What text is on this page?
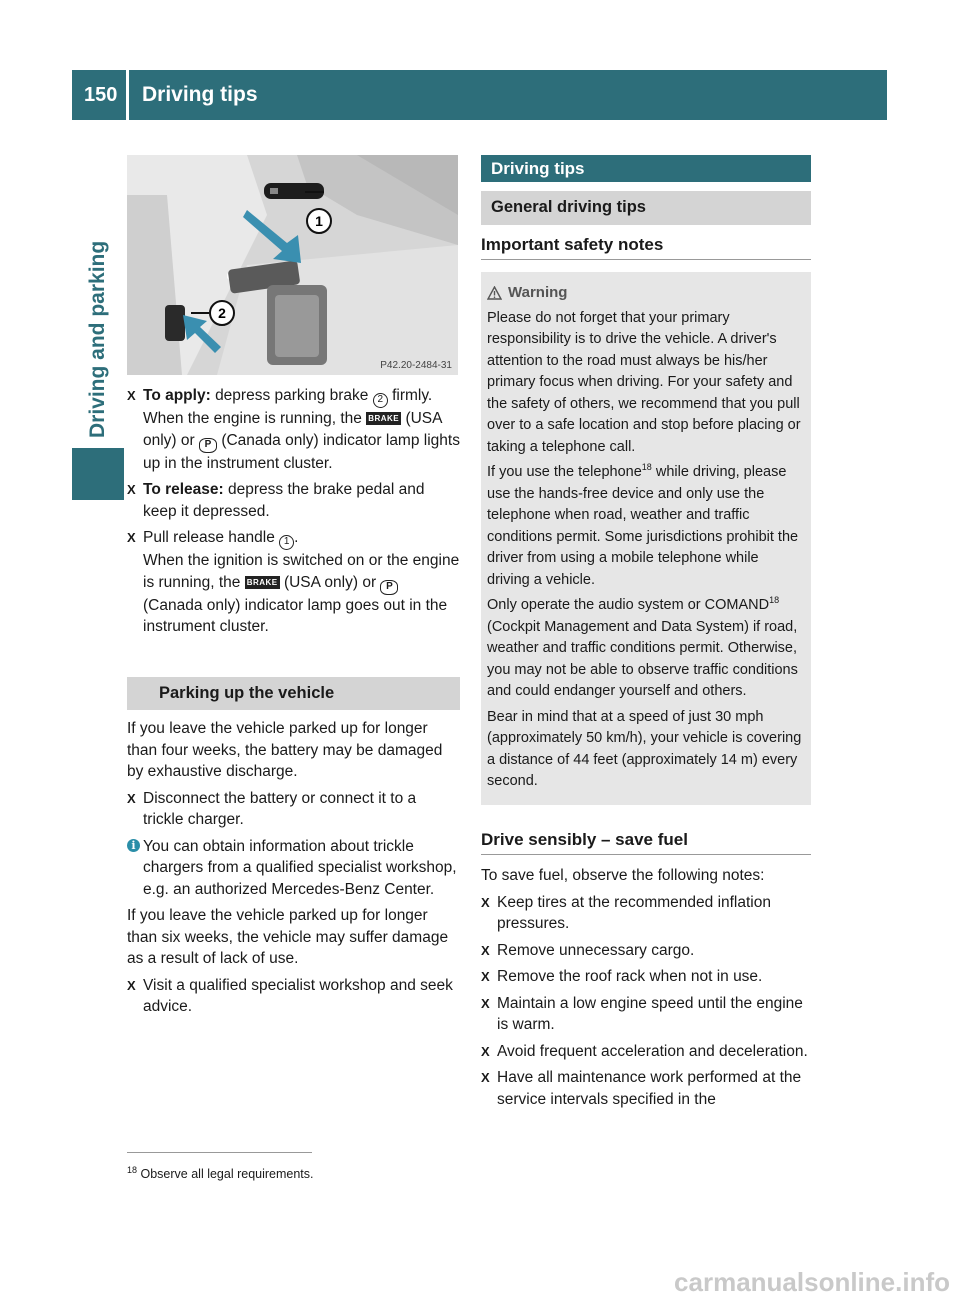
150	Driving tips
Driving and parking
1
2
P42.20-2484-31
X To apply: depress parking brake 2 firmly. When the engine is running, the BRAKE (USA only) or P (Canada only) indicator lamp lights up in the instrument cluster.
X To release: depress the brake pedal and keep it depressed.
X Pull release handle 1 .
When the ignition is switched on or the engine is running, the BRAKE (USA only) or P (Canada only) indicator lamp goes out in the instrument cluster.
Parking up the vehicle
If you leave the vehicle parked up for longer than four weeks, the battery may be damaged by exhaustive discharge.
X Disconnect the battery or connect it to a trickle charger.
i You can obtain information about trickle chargers from a qualified specialist workshop, e.g. an authorized Mercedes-Benz Center.
If you leave the vehicle parked up for longer than six weeks, the vehicle may suffer damage as a result of lack of use.
X Visit a qualified specialist workshop and seek advice.
Driving tips
General driving tips
Important safety notes
Warning

Please do not forget that your primary responsibility is to drive the vehicle. A driver's attention to the road must always be his/her primary focus when driving. For your safety and the safety of others, we recommend that you pull over to a safe location and stop before placing or taking a telephone call.

If you use the telephone$^{18}$ while driving, please use the hands-free device and only use the telephone when road, weather and traffic conditions permit. Some jurisdictions prohibit the driver from using a mobile telephone while driving a vehicle.

Only operate the audio system or COMAND$^{18}$ (Cockpit Management and Data System) if road, weather and traffic conditions permit. Otherwise, you may not be able to observe traffic conditions and could endanger yourself and others.

Bear in mind that at a speed of just 30 mph (approximately 50 km/h), your vehicle is covering a distance of 44 feet (approximately 14 m) every second.

Drive sensibly – save fuel
To save fuel, observe the following notes:
X Keep tires at the recommended inflation pressures.
X Remove unnecessary cargo.
X Remove the roof rack when not in use.
X Maintain a low engine speed until the engine is warm.
X Avoid frequent acceleration and deceleration.
X Have all maintenance work performed at the service intervals specified in the
$^{18}$ Observe all legal requirements.
carmanualsonline.info
